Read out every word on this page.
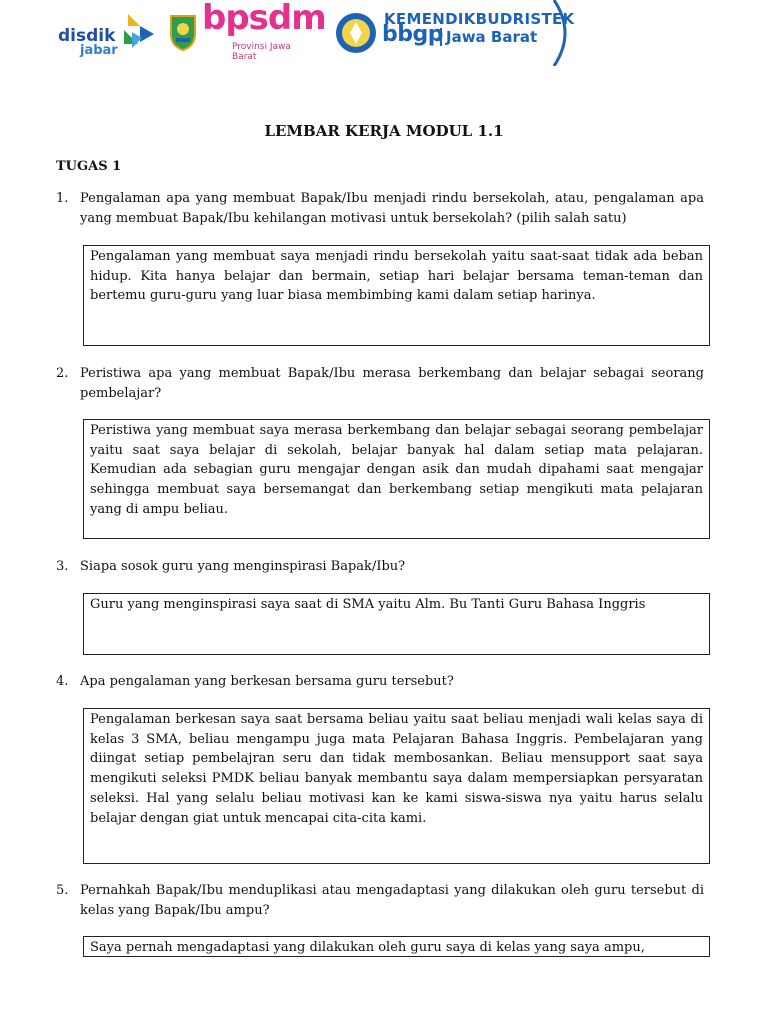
disdik
jabar
bpsdm
Provinsi Jawa Barat
KEMENDIKBUDRISTEK
bbgp Jawa Barat
LEMBAR KERJA MODUL 1.1
TUGAS 1
1. Pengalaman apa yang membuat Bapak/Ibu menjadi rindu bersekolah, atau, pengalaman apa yang membuat Bapak/Ibu kehilangan motivasi untuk bersekolah? (pilih salah satu)
Pengalaman yang membuat saya menjadi rindu bersekolah yaitu saat-saat tidak ada beban hidup. Kita hanya belajar dan bermain, setiap hari belajar bersama teman-teman dan bertemu guru-guru yang luar biasa membimbing kami dalam setiap harinya.
2. Peristiwa apa yang membuat Bapak/Ibu merasa berkembang dan belajar sebagai seorang pembelajar?
Peristiwa yang membuat saya merasa berkembang dan belajar sebagai seorang pembelajar yaitu saat saya belajar di sekolah, belajar banyak hal dalam setiap mata pelajaran. Kemudian ada sebagian guru mengajar dengan asik dan mudah dipahami saat mengajar sehingga membuat saya bersemangat dan berkembang setiap mengikuti mata pelajaran yang di ampu beliau.
3. Siapa sosok guru yang menginspirasi Bapak/Ibu?
Guru yang menginspirasi saya saat di SMA yaitu Alm. Bu Tanti Guru Bahasa Inggris
4. Apa pengalaman yang berkesan bersama guru tersebut?
Pengalaman berkesan saya saat bersama beliau yaitu saat beliau menjadi wali kelas saya di kelas 3 SMA, beliau mengampu juga mata Pelajaran Bahasa Inggris. Pembelajaran yang diingat setiap pembelajran seru dan tidak membosankan. Beliau mensupport saat saya mengikuti seleksi PMDK beliau banyak membantu saya dalam mempersiapkan persyaratan seleksi. Hal yang selalu beliau motivasi kan ke kami siswa-siswa nya yaitu harus selalu belajar dengan giat untuk mencapai cita-cita kami.
5. Pernahkah Bapak/Ibu menduplikasi atau mengadaptasi yang dilakukan oleh guru tersebut di kelas yang Bapak/Ibu ampu?
Saya pernah mengadaptasi yang dilakukan oleh guru saya di kelas yang saya ampu,
